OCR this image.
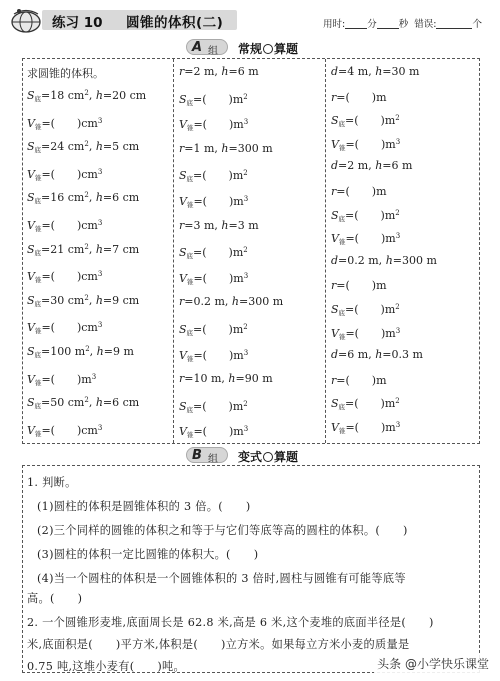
练习 10 圆锥的体积(二)	用时: 分 秒 错误:	个
A 组 常规○算题
求圆锥的体积。
$S_底=18$ $cm^2$, h=20 cm
$V_锥=$(　　)$cm^3$
$S_底=24$ $cm^2$, h=5 cm
$V_锥=$(　　)$cm^3$
$S_底=16$ $cm^2$, h=6 cm
$V_锥=$(　　)$cm^3$
$S_底=21$ $cm^2$, h=7 cm
$V_锥=$(　　)$cm^3$
$S_底=30$ $cm^2$, h=9 cm
$V_锥=$(　　)$cm^3$
$S_底=100$ $m^2$, h=9 m
$V_锥=$(　　)$m^3$
$S_底=50$ $cm^2$, h=6 cm
$V_锥=$(　　)$cm^3$
r=2 m, h=6 m
$S_底=$(　　)$m^2$
$V_锥=$(　　)$m^3$
r=1 m, h=300 m
$S_底=$(　　)$m^2$
$V_锥=$(　　)$m^3$
r=3 m, h=3 m
$S_底=$(　　)$m^2$
$V_锥=$(　　)$m^3$
r=0.2 m, h=300 m
$S_底=$(　　)$m^2$
$V_锥=$(　　)$m^3$
r=10 m, h=90 m
$S_底=$(　　)$m^2$
$V_锥=$(　　)$m^3$
d=4 m, h=30 m
r=(　　)m
$S_底=$(　　)$m^2$
$V_锥=$(　　)$m^3$
d=2 m, h=6 m
r=(　　)m
$S_底=$(　　)$m^2$
$V_锥=$(　　)$m^3$
d=0.2 m, h=300 m
r=(　　)m
$S_底=$(　　)$m^2$
$V_锥=$(　　)$m^3$
d=6 m, h=0.3 m
r=(　　)m
$S_底=$(　　)$m^2$
$V_锥=$(　　)$m^3$
B 组 变式○算题
1. 判断。
(1)圆柱的体积是圆锥体积的 3 倍。(　　)
(2)三个同样的圆锥的体积之和等于与它们等底等高的圆柱的体积。(　　)
(3)圆柱的体积一定比圆锥的体积大。(　　)
(4)当一个圆柱的体积是一个圆锥体积的 3 倍时,圆柱与圆锥有可能等底等
高。(　　)
2. 一个圆锥形麦堆,底面周长是 62.8 米,高是 6 米,这个麦堆的底面半径是(　　)
米,底面积是(　　)平方米,体积是(　　)立方米。如果每立方米小麦的质量是
0.75 吨,这堆小麦有(　　)吨。	头条 @小学快乐课堂
